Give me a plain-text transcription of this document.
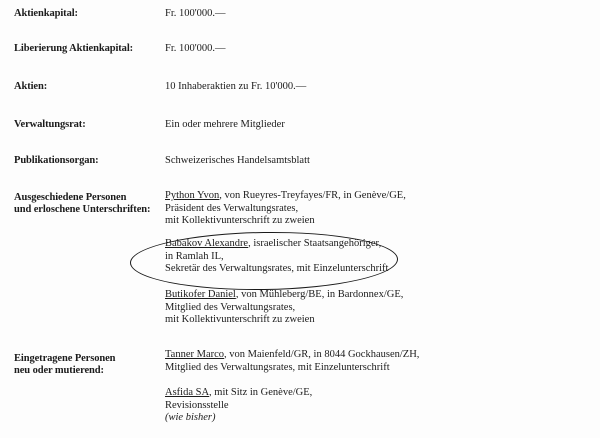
Aktienkapital:	Fr. 100'000.—
Liberierung Aktienkapital:	Fr. 100'000.—
Aktien:	10 Inhaberaktien zu Fr. 10'000.—
Verwaltungsrat:	Ein oder mehrere Mitglieder
Publikationsorgan:	Schweizerisches Handelsamtsblatt
Ausgeschiedene Personen
und erloschene Unterschriften:
Python Yvon, von Rueyres-Treyfayes/FR, in Genève/GE,
Präsident des Verwaltungsrates,
mit Kollektivunterschrift zu zweien
Babakov Alexandre, israelischer Staatsangehöriger,
in Ramlah IL,
Sekretär des Verwaltungsrates, mit Einzelunterschrift
Butikofer Daniel, von Mühleberg/BE, in Bardonnex/GE,
Mitglied des Verwaltungsrates,
mit Kollektivunterschrift zu zweien
Eingetragene Personen
neu oder mutierend:
Tanner Marco, von Maienfeld/GR, in 8044 Gockhausen/ZH,
Mitglied des Verwaltungsrates, mit Einzelunterschrift
Asfida SA, mit Sitz in Genève/GE,
Revisionsstelle
(wie bisher)
